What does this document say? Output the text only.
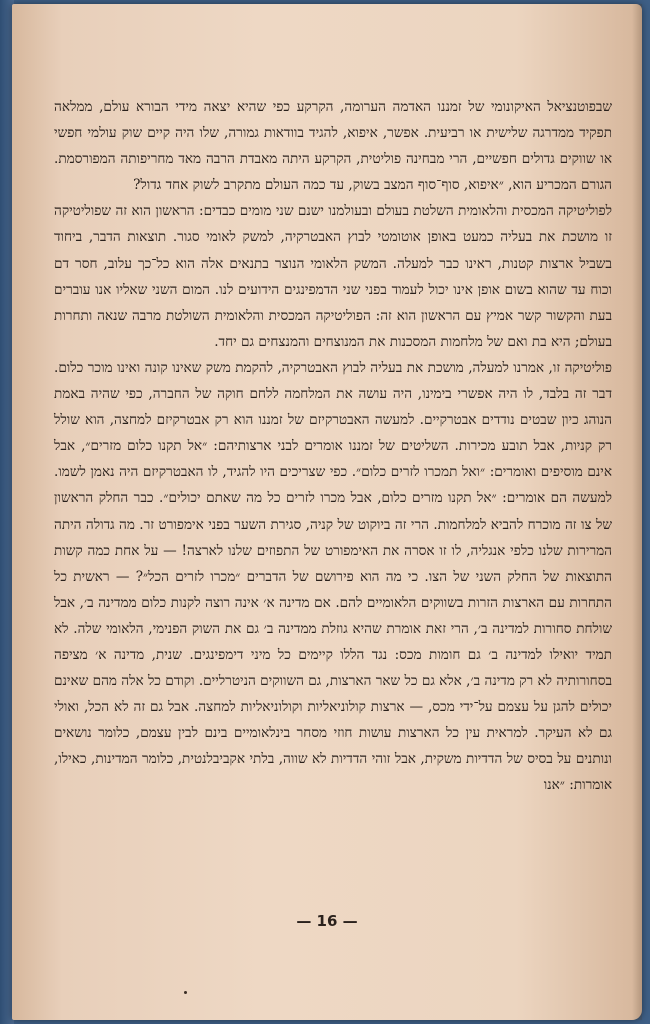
שבפוטנציאל האיקונומי של זמננו האדמה הערומה, הקרקע כפי שהיא יצאה מידי הבורא עולם, ממלאה תפקיד ממדרגה שלישית או רביעית. אפשר, איפוא, להגיד בוודאות גמורה, שלו היה קיים שוק עולמי חפשי או שווקים גדולים חפשיים, הרי מבחינה פוליטית, הקרקע היתה מאבדת הרבה מאד מחריפותה המפורסמת. הגורם המכריע הוא, ״איפוא, סוף־סוף המצב בשוק, עד כמה העולם מתקרב לשוק אחד גדול?

לפוליטיקה המכסית והלאומית השלטת בעולם ובעולמנו ישנם שני מומים כבדים: הראשון הוא זה שפוליטיקה זו מושכת את בעליה כמעט באופן אוטומטי לבוץ האבטרקיה, למשק לאומי סגור. תוצאות הדבר, ביחוד בשביל ארצות קטנות, ראינו כבר למעלה. המשק הלאומי הנוצר בתנאים אלה הוא כל־כך עלוב, חסר דם וכוח עד שהוא בשום אופן אינו יכול לעמוד בפני שני הדמפינגים הידועים לנו. המום השני שאליו אנו עוברים בעת והקשור קשר אמיץ עם הראשון הוא זה: הפוליטיקה המכסית והלאומית השולטת מרבה שנאה ותחרות בעולם; היא בת ואם של מלחמות המסכנות את המנוצחים והמנצחים גם יחד.

פוליטיקה זו, אמרנו למעלה, מושכת את בעליה לבוץ האבטרקיה, להקמת משק שאינו קונה ואינו מוכר כלום. דבר זה בלבד, לו היה אפשרי בימינו, היה עושה את המלחמה ללחם חוקה של החברה, כפי שהיה באמת הנוהג כיון שבטים נודדים אבטרקיים. למעשה האבטרקיזם של זמננו הוא רק אבטרקיזם למחצה, הוא שולל רק קניות, אבל תובע מכירות. השליטים של זמננו אומרים לבני ארצותיהם: ״אל תקנו כלום מזרים״, אבל אינם מוסיפים ואומרים: ״ואל תמכרו לזרים כלום״. כפי שצריכים היו להגיד, לו האבטרקיזם היה נאמן לשמו. למעשה הם אומרים: ״אל תקנו מזרים כלום, אבל מכרו לזרים כל מה שאתם יכולים״. כבר החלק הראשון של צו זה מוכרח להביא למלחמות. הרי זה ביוקוט של קניה, סגירת השער בפני אימפורט זר. מה גדולה היתה המרירות שלנו כלפי אנגליה, לו זו אסרה את האימפורט של התפוזים שלנו לארצה! — על אחת כמה קשות התוצאות של החלק השני של הצו. כי מה הוא פירושם של הדברים ״מכרו לזרים הכל״? — ראשית כל התחרות עם הארצות הזרות בשווקים הלאומיים להם. אם מדינה א׳ אינה רוצה לקנות כלום ממדינה ב׳, אבל שולחת סחורות למדינה ב׳, הרי זאת אומרת שהיא גוזלת ממדינה ב׳ גם את השוק הפנימי, הלאומי שלה. לא תמיד יואילו למדינה ב׳ גם חומות מכס: נגד הללו קיימים כל מיני דימפינגים. שנית, מדינה א׳ מציפה בסחורותיה לא רק מדינה ב׳, אלא גם כל שאר הארצות, גם השווקים הניטרליים. וקודם כל אלה מהם שאינם יכולים להגן על עצמם על־ידי מכס, — ארצות קולוניאליות וקולוניאליות למחצה. אבל גם זה לא הכל, ואולי גם לא העיקר. למראית עין כל הארצות עושות חוזי מסחר בינלאומיים בינם לבין עצמם, כלומר נושאים ונותנים על בסיס של הדדיות משקית, אבל זוהי הדדיות לא שווה, בלתי אקביבלנטית, כלומר המדינות, כאילו, אומרות: ״אנו

— 16 —
